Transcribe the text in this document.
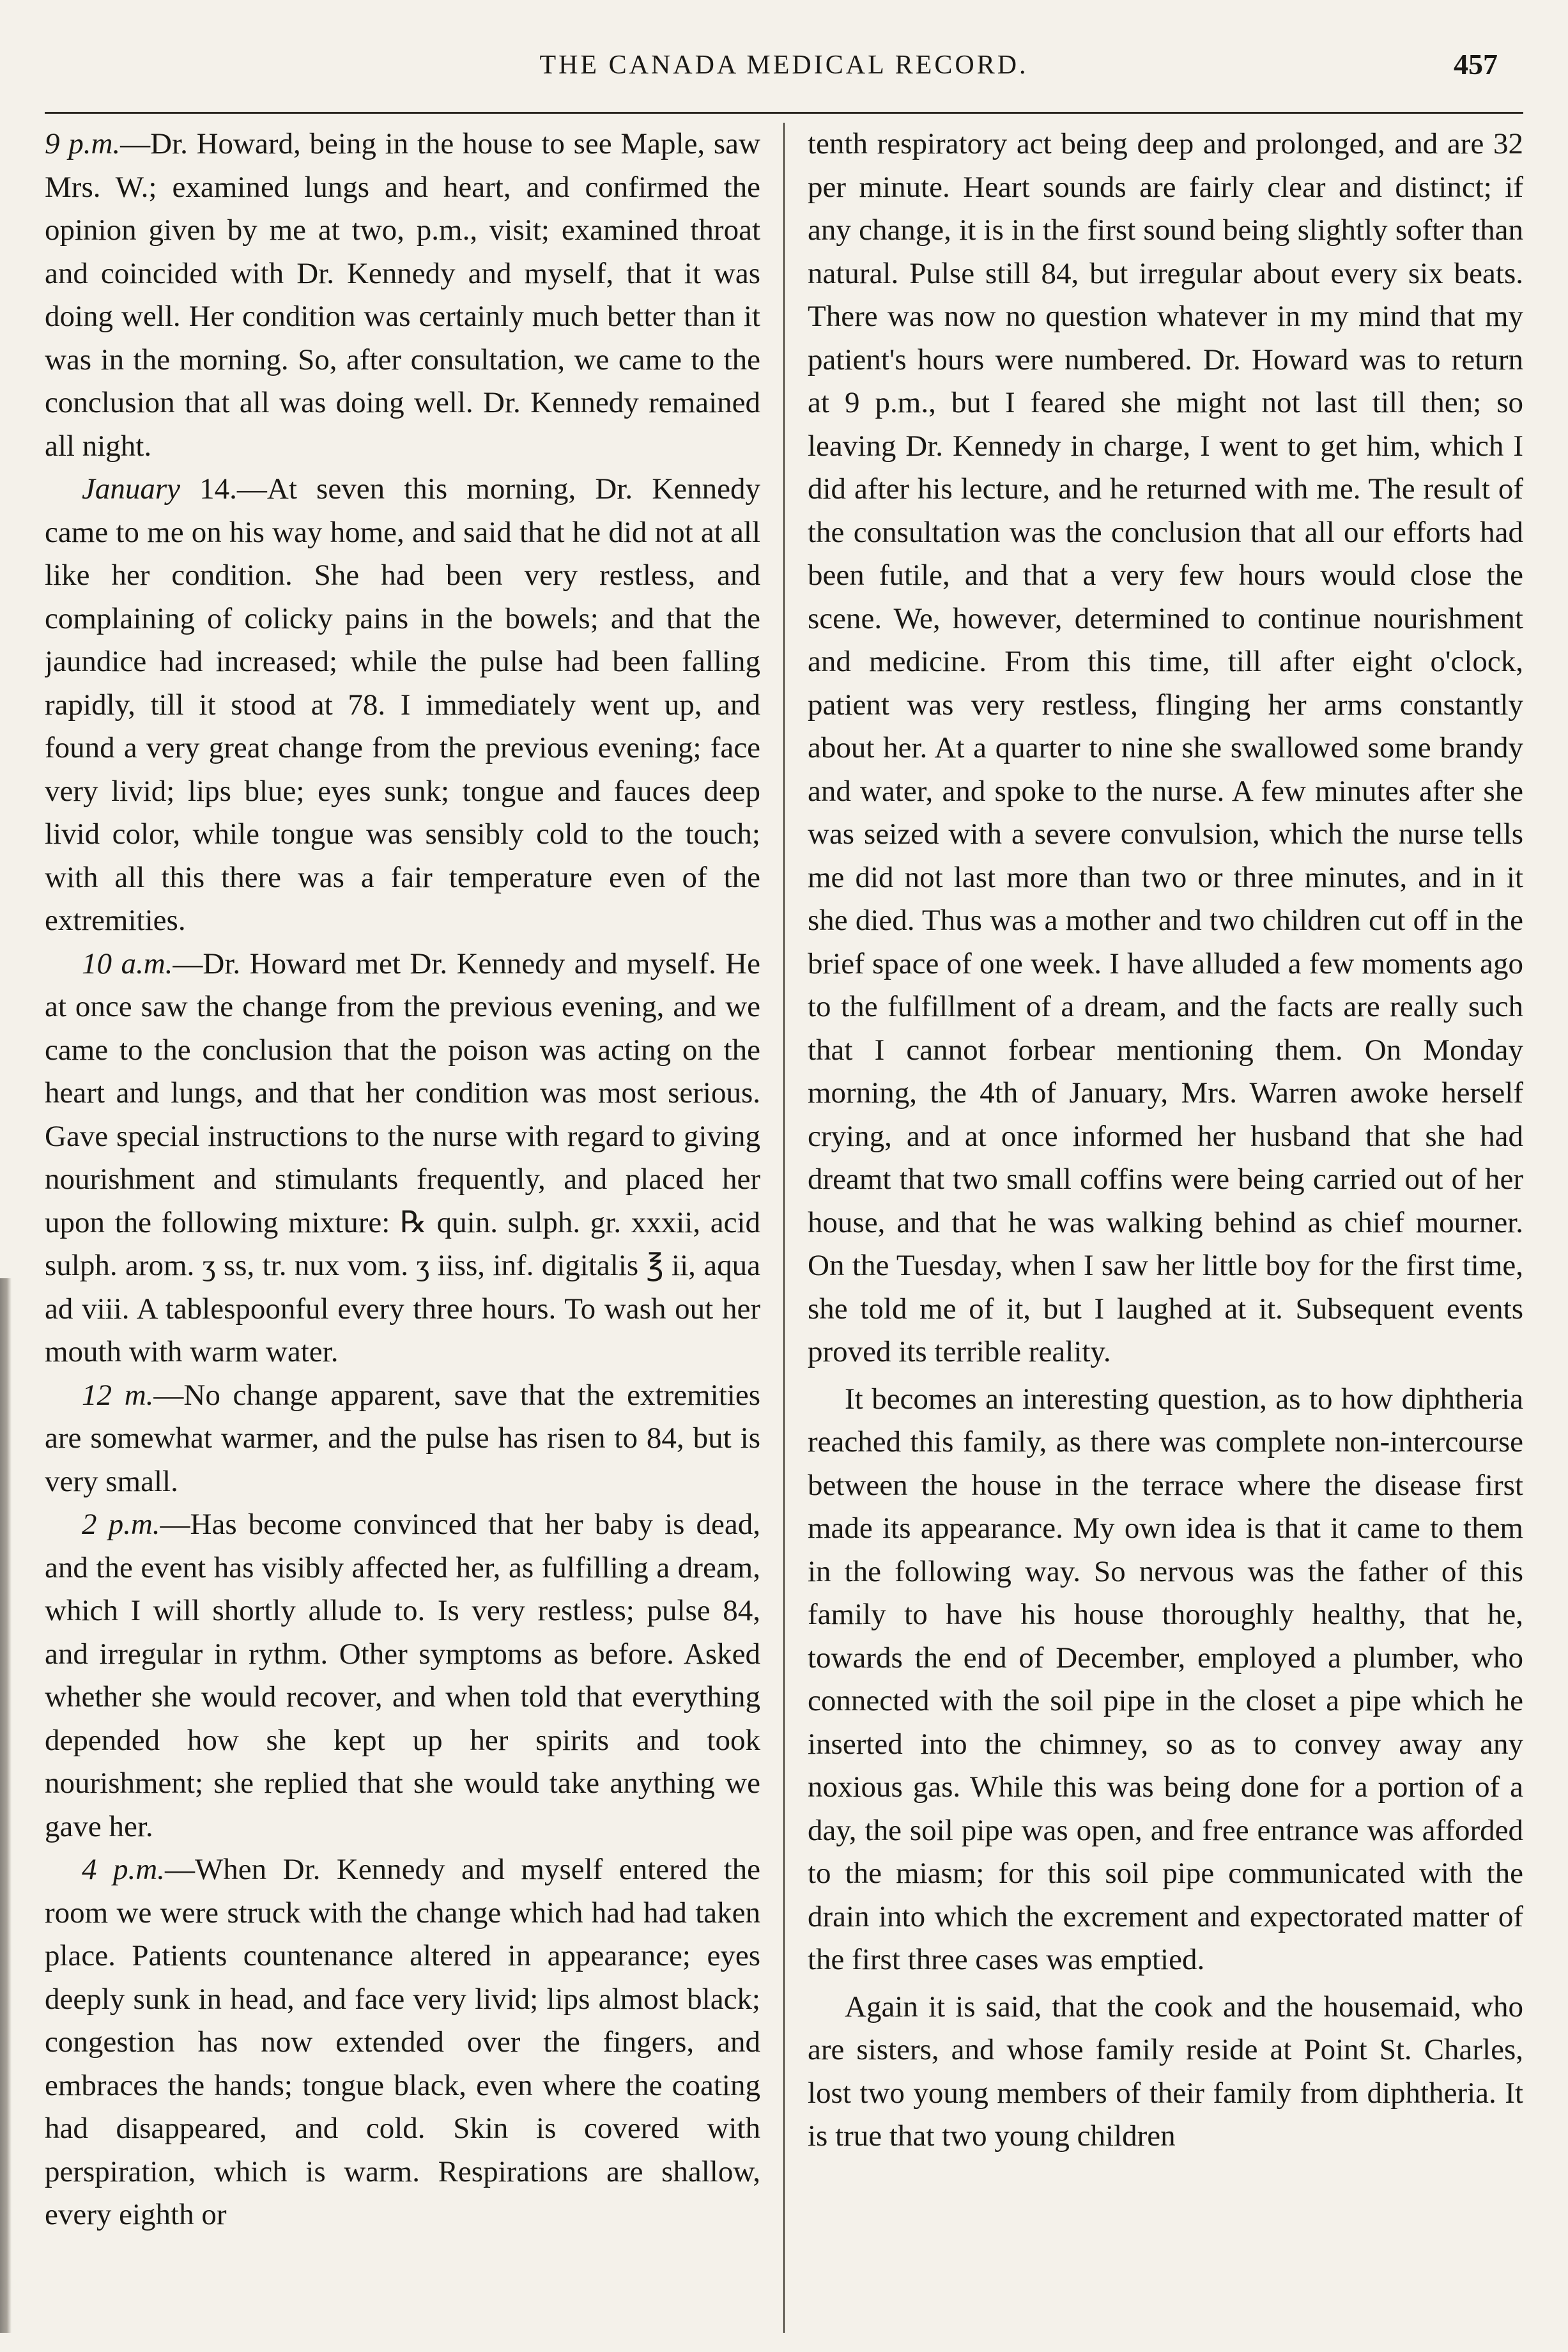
THE CANADA MEDICAL RECORD.	457

9 p.m.—Dr. Howard, being in the house to see Maple, saw Mrs. W.; examined lungs and heart, and confirmed the opinion given by me at two, p.m., visit; examined throat and coincided with Dr. Kennedy and myself, that it was doing well. Her condition was certainly much better than it was in the morning. So, after consultation, we came to the conclusion that all was doing well. Dr. Kennedy remained all night.

January 14.—At seven this morning, Dr. Kennedy came to me on his way home, and said that he did not at all like her condition. She had been very restless, and complaining of colicky pains in the bowels; and that the jaundice had increased; while the pulse had been falling rapidly, till it stood at 78. I immediately went up, and found a very great change from the previous evening; face very livid; lips blue; eyes sunk; tongue and fauces deep livid color, while tongue was sensibly cold to the touch; with all this there was a fair temperature even of the extremities.

10 a.m.—Dr. Howard met Dr. Kennedy and myself. He at once saw the change from the previous evening, and we came to the conclusion that the poison was acting on the heart and lungs, and that her condition was most serious. Gave special instructions to the nurse with regard to giving nourishment and stimulants frequently, and placed her upon the following mixture: ℞ quin. sulph. gr. xxxii, acid sulph. arom. ʒ ss, tr. nux vom. ʒ iiss, inf. digitalis ℥ ii, aqua ad viii. A tablespoonful every three hours. To wash out her mouth with warm water.

12 m.—No change apparent, save that the extremities are somewhat warmer, and the pulse has risen to 84, but is very small.

2 p.m.—Has become convinced that her baby is dead, and the event has visibly affected her, as fulfilling a dream, which I will shortly allude to. Is very restless; pulse 84, and irregular in rythm. Other symptoms as before. Asked whether she would recover, and when told that everything depended how she kept up her spirits and took nourishment; she replied that she would take anything we gave her.

4 p.m.—When Dr. Kennedy and myself entered the room we were struck with the change which had had taken place. Patients countenance altered in appearance; eyes deeply sunk in head, and face very livid; lips almost black; congestion has now extended over the fingers, and embraces the hands; tongue black, even where the coating had disappeared, and cold. Skin is covered with perspiration, which is warm. Respirations are shallow, every eighth or

tenth respiratory act being deep and prolonged, and are 32 per minute. Heart sounds are fairly clear and distinct; if any change, it is in the first sound being slightly softer than natural. Pulse still 84, but irregular about every six beats. There was now no question whatever in my mind that my patient's hours were numbered. Dr. Howard was to return at 9 p.m., but I feared she might not last till then; so leaving Dr. Kennedy in charge, I went to get him, which I did after his lecture, and he returned with me. The result of the consultation was the conclusion that all our efforts had been futile, and that a very few hours would close the scene. We, however, determined to continue nourishment and medicine. From this time, till after eight o'clock, patient was very restless, flinging her arms constantly about her. At a quarter to nine she swallowed some brandy and water, and spoke to the nurse. A few minutes after she was seized with a severe convulsion, which the nurse tells me did not last more than two or three minutes, and in it she died. Thus was a mother and two children cut off in the brief space of one week. I have alluded a few moments ago to the fulfillment of a dream, and the facts are really such that I cannot forbear mentioning them. On Monday morning, the 4th of January, Mrs. Warren awoke herself crying, and at once informed her husband that she had dreamt that two small coffins were being carried out of her house, and that he was walking behind as chief mourner. On the Tuesday, when I saw her little boy for the first time, she told me of it, but I laughed at it. Subsequent events proved its terrible reality.

It becomes an interesting question, as to how diphtheria reached this family, as there was complete non-intercourse between the house in the terrace where the disease first made its appearance. My own idea is that it came to them in the following way. So nervous was the father of this family to have his house thoroughly healthy, that he, towards the end of December, employed a plumber, who connected with the soil pipe in the closet a pipe which he inserted into the chimney, so as to convey away any noxious gas. While this was being done for a portion of a day, the soil pipe was open, and free entrance was afforded to the miasm; for this soil pipe communicated with the drain into which the excrement and expectorated matter of the first three cases was emptied.

Again it is said, that the cook and the housemaid, who are sisters, and whose family reside at Point St. Charles, lost two young members of their family from diphtheria. It is true that two young children
